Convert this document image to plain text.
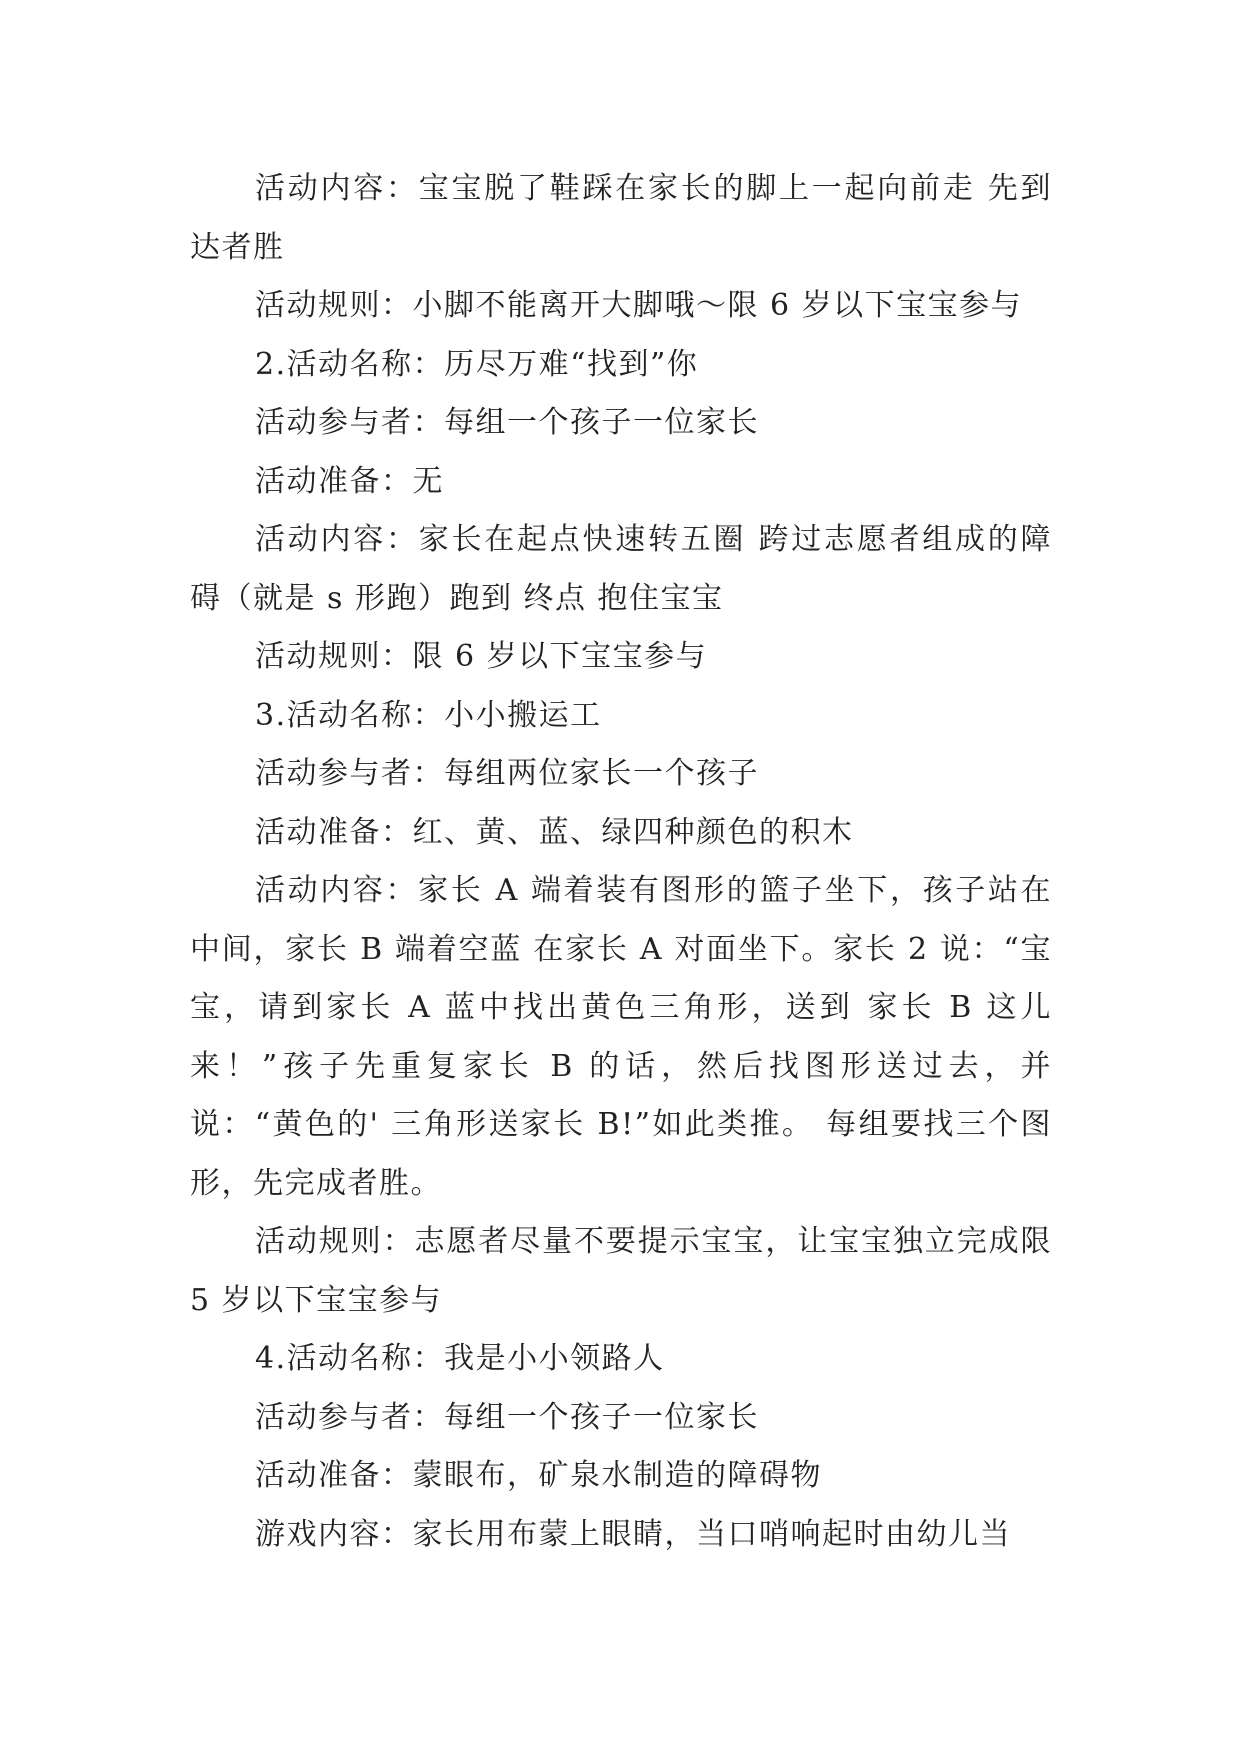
活动内容：宝宝脱了鞋踩在家长的脚上一起向前走 先到达者胜

活动规则：小脚不能离开大脚哦～限 6 岁以下宝宝参与

2.活动名称：历尽万难“找到”你

活动参与者：每组一个孩子一位家长

活动准备：无

活动内容：家长在起点快速转五圈 跨过志愿者组成的障碍（就是 s 形跑）跑到 终点 抱住宝宝

活动规则：限 6 岁以下宝宝参与

3.活动名称：小小搬运工

活动参与者：每组两位家长一个孩子

活动准备：红、黄、蓝、绿四种颜色的积木

活动内容：家长 A 端着装有图形的篮子坐下，孩子站在中间，家长 B 端着空蓝 在家长 A 对面坐下。家长 2 说：“宝宝，请到家长 A 蓝中找出黄色三角形，送到 家长 B 这儿来！”孩子先重复家长 B 的话，然后找图形送过去，并说：“黄色的' 三角形送家长 B!”如此类推。 每组要找三个图形，先完成者胜。

活动规则：志愿者尽量不要提示宝宝，让宝宝独立完成限 5 岁以下宝宝参与

4.活动名称：我是小小领路人

活动参与者：每组一个孩子一位家长

活动准备：蒙眼布，矿泉水制造的障碍物

游戏内容：家长用布蒙上眼睛，当口哨响起时由幼儿当
